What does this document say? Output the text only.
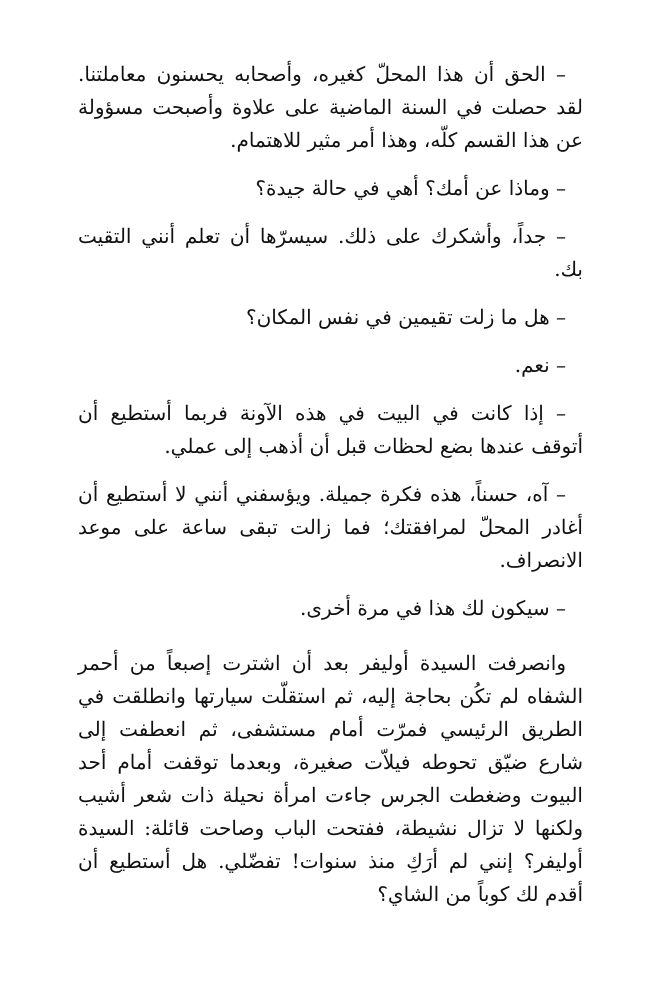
– الحق أن هذا المحلّ كغيره، وأصحابه يحسنون معاملتنا. لقد حصلت في السنة الماضية على علاوة وأصبحت مسؤولة عن هذا القسم كلّه، وهذا أمر مثير للاهتمام.

– وماذا عن أمك؟ أهي في حالة جيدة؟

– جداً، وأشكرك على ذلك. سيسرّها أن تعلم أنني التقيت بك.

– هل ما زلت تقيمين في نفس المكان؟

– نعم.

– إذا كانت في البيت في هذه الآونة فربما أستطيع أن أتوقف عندها بضع لحظات قبل أن أذهب إلى عملي.

– آه، حسناً، هذه فكرة جميلة. ويؤسفني أنني لا أستطيع أن أغادر المحلّ لمرافقتك؛ فما زالت تبقى ساعة على موعد الانصراف.

– سيكون لك هذا في مرة أخرى.

وانصرفت السيدة أوليفر بعد أن اشترت إصبعاً من أحمر الشفاه لم تكُن بحاجة إليه، ثم استقلّت سيارتها وانطلقت في الطريق الرئيسي فمرّت أمام مستشفى، ثم انعطفت إلى شارع ضيّق تحوطه فيلاّت صغيرة، وبعدما توقفت أمام أحد البيوت وضغطت الجرس جاءت امرأة نحيلة ذات شعر أشيب ولكنها لا تزال نشيطة، ففتحت الباب وصاحت قائلة: السيدة أوليفر؟ إنني لم أرَكِ منذ سنوات! تفضّلي. هل أستطيع أن أقدم لك كوباً من الشاي؟
